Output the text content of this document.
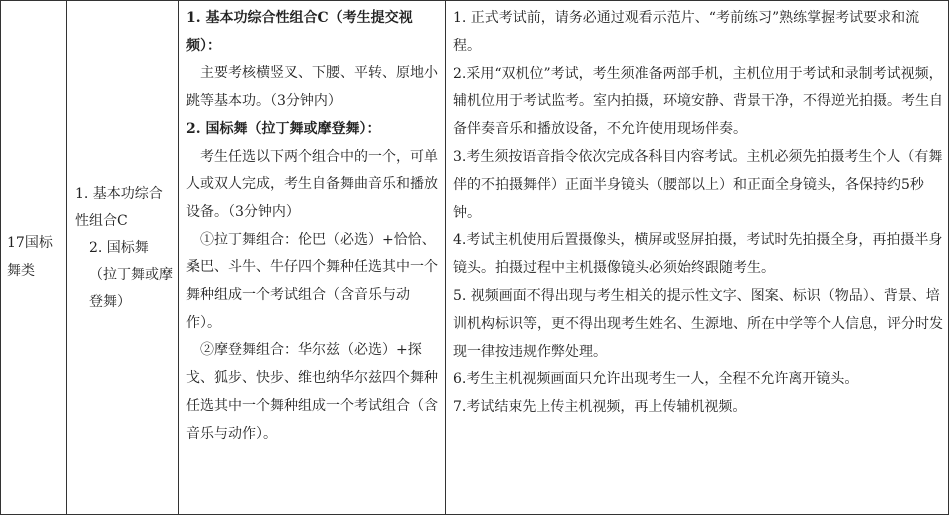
17国标舞类
1. 基本功综合性组合C
2. 国标舞（拉丁舞或摩登舞）

1. 基本功综合性组合C（考生提交视频）：

主要考核横竖叉、下腰、平转、原地小跳等基本功。（3分钟内）

2. 国标舞（拉丁舞或摩登舞）：

考生任选以下两个组合中的一个，可单人或双人完成，考生自备舞曲音乐和播放设备。（3分钟内）

①拉丁舞组合：伦巴（必选）+恰恰、桑巴、斗牛、牛仔四个舞种任选其中一个舞种组成一个考试组合（含音乐与动作）。

②摩登舞组合：华尔兹（必选）+探戈、狐步、快步、维也纳华尔兹四个舞种任选其中一个舞种组成一个考试组合（含音乐与动作）。

1. 正式考试前，请务必通过观看示范片、“考前练习”熟练掌握考试要求和流程。

2.采用“双机位”考试，考生须准备两部手机，主机位用于考试和录制考试视频，辅机位用于考试监考。室内拍摄，环境安静、背景干净，不得逆光拍摄。考生自备伴奏音乐和播放设备，不允许使用现场伴奏。

3.考生须按语音指令依次完成各科目内容考试。主机必须先拍摄考生个人（有舞伴的不拍摄舞伴）正面半身镜头（腰部以上）和正面全身镜头，各保持约5秒钟。

4.考试主机使用后置摄像头，横屏或竖屏拍摄，考试时先拍摄全身，再拍摄半身镜头。拍摄过程中主机摄像镜头必须始终跟随考生。

5. 视频画面不得出现与考生相关的提示性文字、图案、标识（物品）、背景、培训机构标识等，更不得出现考生姓名、生源地、所在中学等个人信息，评分时发现一律按违规作弊处理。

6.考生主机视频画面只允许出现考生一人，全程不允许离开镜头。

7.考试结束先上传主机视频，再上传辅机视频。
